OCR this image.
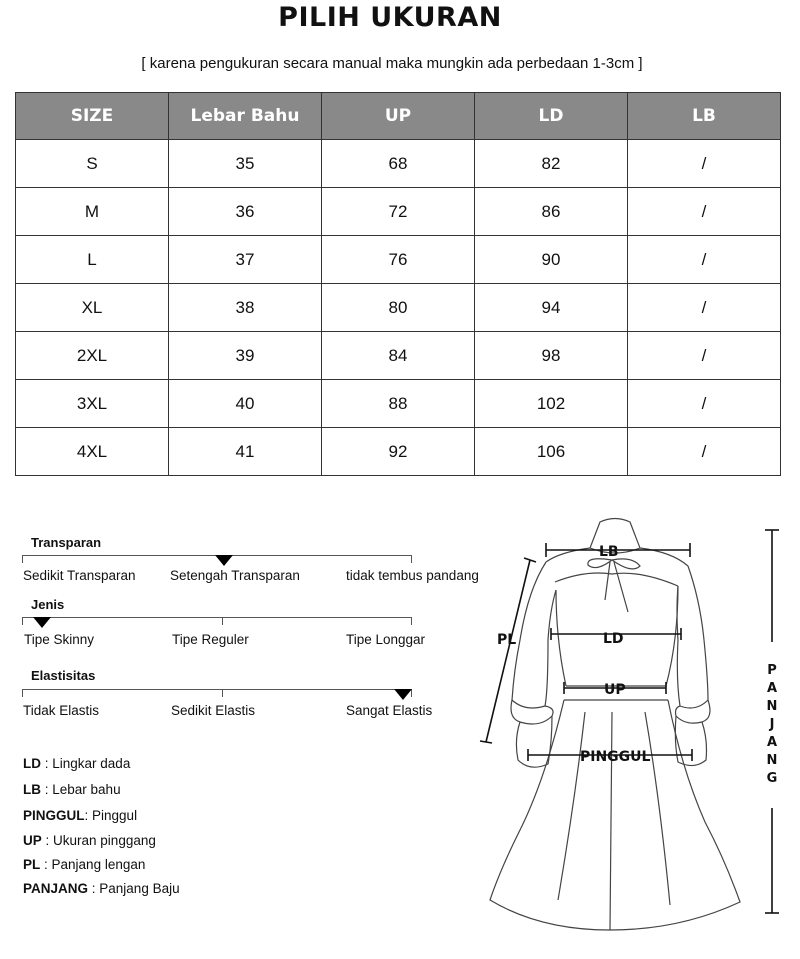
PILIH UKURAN
[ karena pengukuran secara manual maka mungkin ada perbedaan 1-3cm ]
SIZE	Lebar Bahu	UP	LD	LB
S	35	68	82	/
M	36	72	86	/
L	37	76	90	/
XL	38	80	94	/
2XL	39	84	98	/
3XL	40	88	102	/
4XL	41	92	106	/
Transparan
Sedikit Transparan	Setengah Transparan	tidak tembus pandang
Jenis
Tipe Skinny	Tipe Reguler	Tipe Longgar
Elastisitas
Tidak Elastis	Sedikit Elastis	Sangat Elastis
LD : Lingkar dada
LB : Lebar bahu
PINGGUL: Pinggul
UP : Ukuran pinggang
PL : Panjang lengan
PANJANG : Panjang Baju
LB
LD
UP
PL
PINGGUL
P
A
N
J
A
N
G
